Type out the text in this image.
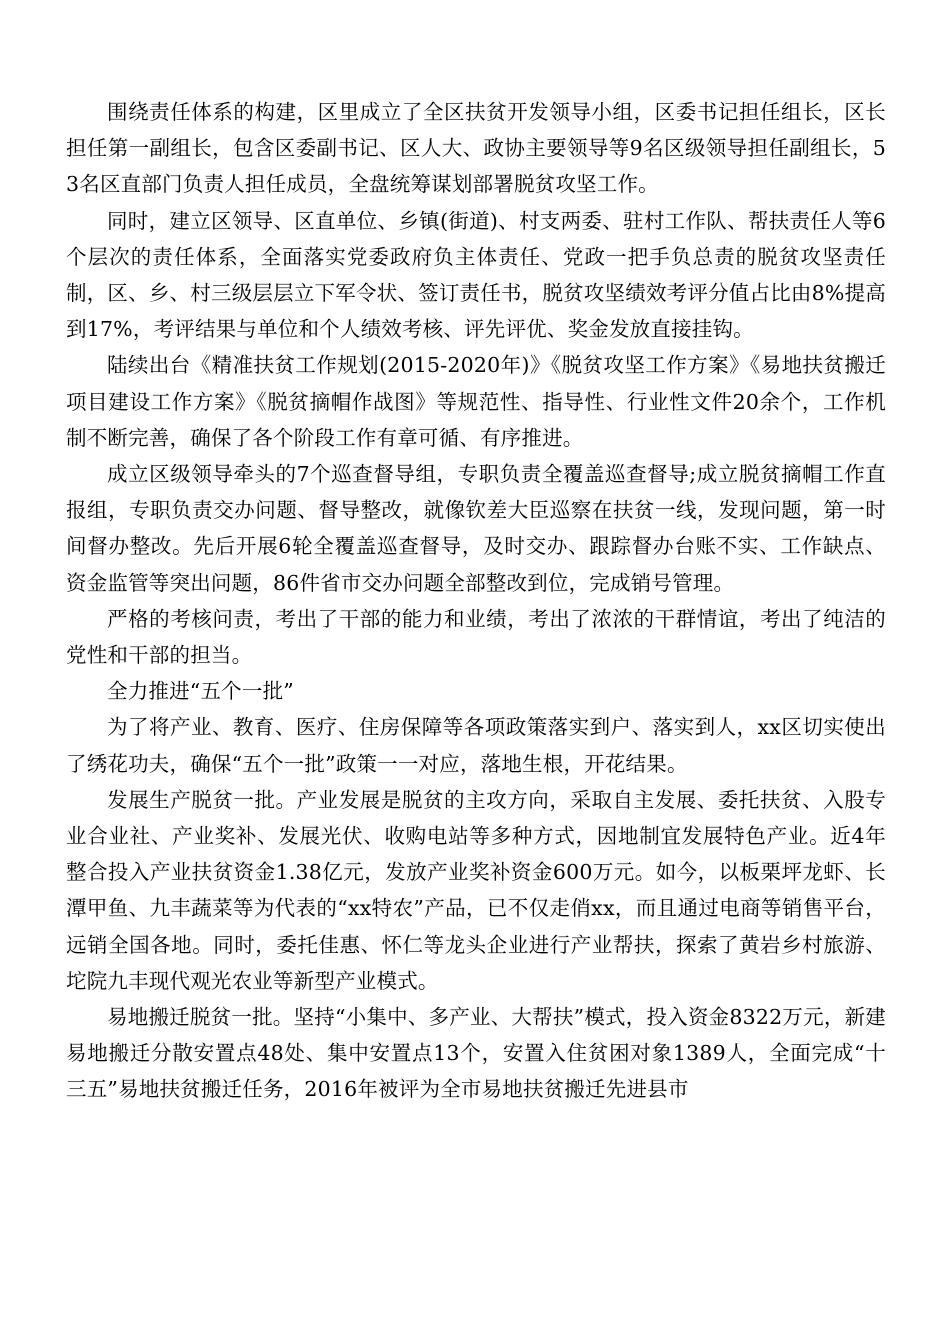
围绕责任体系的构建，区里成立了全区扶贫开发领导小组，区委书记担任组长，区长担任第一副组长，包含区委副书记、区人大、政协主要领导等9名区级领导担任副组长，53名区直部门负责人担任成员，全盘统筹谋划部署脱贫攻坚工作。

同时，建立区领导、区直单位、乡镇(街道)、村支两委、驻村工作队、帮扶责任人等6个层次的责任体系，全面落实党委政府负主体责任、党政一把手负总责的脱贫攻坚责任制，区、乡、村三级层层立下军令状、签订责任书，脱贫攻坚绩效考评分值占比由8%提高到17%，考评结果与单位和个人绩效考核、评先评优、奖金发放直接挂钩。

陆续出台《精准扶贫工作规划(2015-2020年)》《脱贫攻坚工作方案》《易地扶贫搬迁项目建设工作方案》《脱贫摘帽作战图》等规范性、指导性、行业性文件20余个，工作机制不断完善，确保了各个阶段工作有章可循、有序推进。

成立区级领导牵头的7个巡查督导组，专职负责全覆盖巡查督导;成立脱贫摘帽工作直报组，专职负责交办问题、督导整改，就像钦差大臣巡察在扶贫一线，发现问题，第一时间督办整改。先后开展6轮全覆盖巡查督导，及时交办、跟踪督办台账不实、工作缺点、资金监管等突出问题，86件省市交办问题全部整改到位，完成销号管理。

严格的考核问责，考出了干部的能力和业绩，考出了浓浓的干群情谊，考出了纯洁的党性和干部的担当。

全力推进“五个一批”

为了将产业、教育、医疗、住房保障等各项政策落实到户、落实到人，xx区切实使出了绣花功夫，确保“五个一批”政策一一对应，落地生根，开花结果。

发展生产脱贫一批。产业发展是脱贫的主攻方向，采取自主发展、委托扶贫、入股专业合业社、产业奖补、发展光伏、收购电站等多种方式，因地制宜发展特色产业。近4年整合投入产业扶贫资金1.38亿元，发放产业奖补资金600万元。如今，以板栗坪龙虾、长潭甲鱼、九丰蔬菜等为代表的“xx特农”产品，已不仅走俏xx，而且通过电商等销售平台，远销全国各地。同时，委托佳惠、怀仁等龙头企业进行产业帮扶，探索了黄岩乡村旅游、坨院九丰现代观光农业等新型产业模式。

易地搬迁脱贫一批。坚持“小集中、多产业、大帮扶”模式，投入资金8322万元，新建易地搬迁分散安置点48处、集中安置点13个，安置入住贫困对象1389人，全面完成“十三五”易地扶贫搬迁任务，2016年被评为全市易地扶贫搬迁先进县市
